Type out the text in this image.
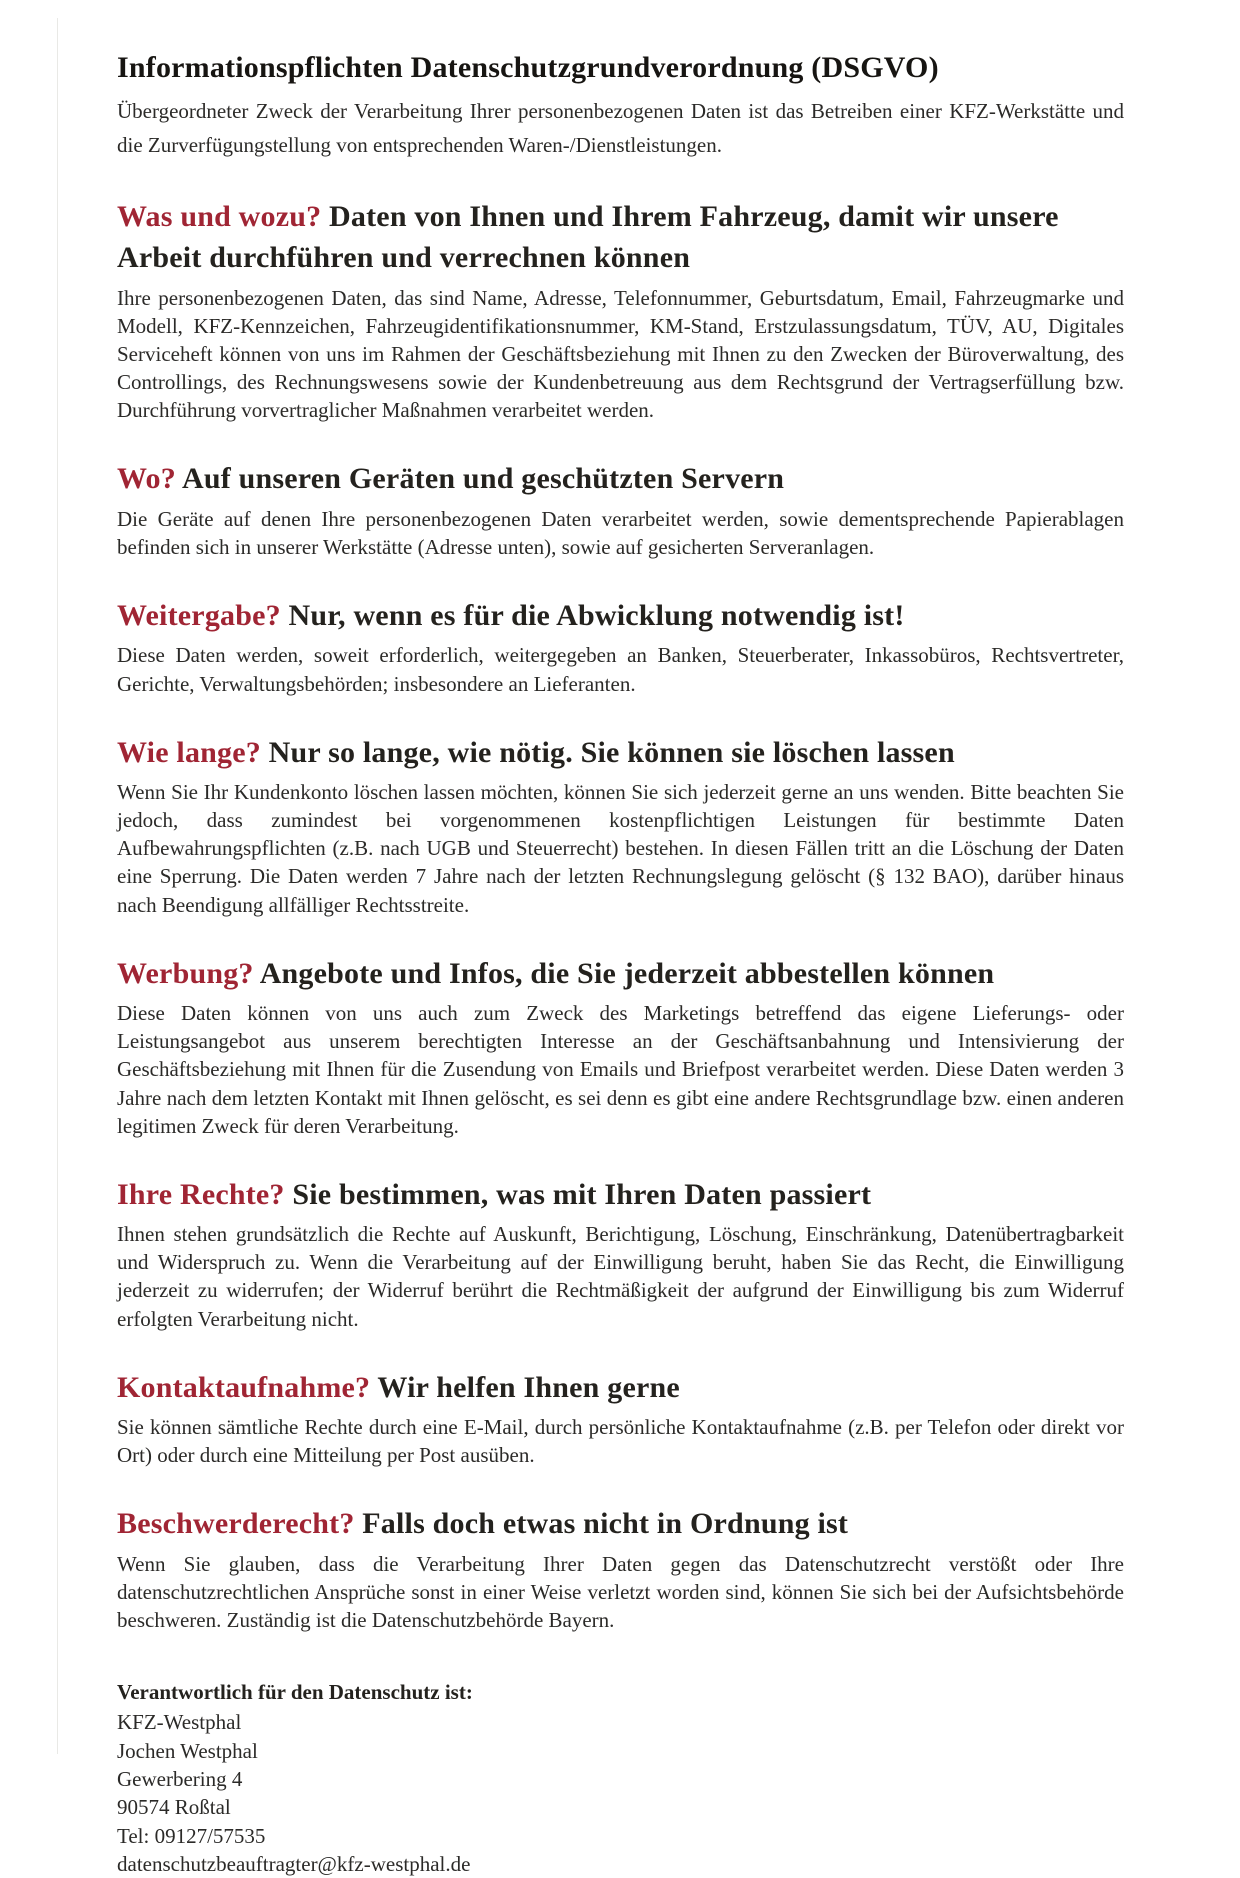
Informationspflichten Datenschutzgrundverordnung (DSGVO)

Übergeordneter Zweck der Verarbeitung Ihrer personenbezogenen Daten ist das Betreiben einer KFZ-Werkstätte und die Zurverfügungstellung von entsprechenden Waren-/Dienstleistungen.

Was und wozu? Daten von Ihnen und Ihrem Fahrzeug, damit wir unsere Arbeit durchführen und verrechnen können

Ihre personenbezogenen Daten, das sind Name, Adresse, Telefonnummer, Geburtsdatum, Email, Fahrzeugmarke und Modell, KFZ-Kennzeichen, Fahrzeugidentifikationsnummer, KM-Stand, Erstzulassungsdatum, TÜV, AU, Digitales Serviceheft können von uns im Rahmen der Geschäftsbeziehung mit Ihnen zu den Zwecken der Büroverwaltung, des Controllings, des Rechnungswesens sowie der Kundenbetreuung aus dem Rechtsgrund der Vertragserfüllung bzw. Durchführung vorvertraglicher Maßnahmen verarbeitet werden.

Wo? Auf unseren Geräten und geschützten Servern

Die Geräte auf denen Ihre personenbezogenen Daten verarbeitet werden, sowie dementsprechende Papierablagen befinden sich in unserer Werkstätte (Adresse unten), sowie auf gesicherten Serveranlagen.

Weitergabe? Nur, wenn es für die Abwicklung notwendig ist!

Diese Daten werden, soweit erforderlich, weitergegeben an Banken, Steuerberater, Inkassobüros, Rechtsvertreter, Gerichte, Verwaltungsbehörden; insbesondere an Lieferanten.

Wie lange? Nur so lange, wie nötig. Sie können sie löschen lassen

Wenn Sie Ihr Kundenkonto löschen lassen möchten, können Sie sich jederzeit gerne an uns wenden. Bitte beachten Sie jedoch, dass zumindest bei vorgenommenen kostenpflichtigen Leistungen für bestimmte Daten Aufbewahrungspflichten (z.B. nach UGB und Steuerrecht) bestehen. In diesen Fällen tritt an die Löschung der Daten eine Sperrung. Die Daten werden 7 Jahre nach der letzten Rechnungslegung gelöscht (§ 132 BAO), darüber hinaus nach Beendigung allfälliger Rechtsstreite.

Werbung? Angebote und Infos, die Sie jederzeit abbestellen können

Diese Daten können von uns auch zum Zweck des Marketings betreffend das eigene Lieferungs- oder Leistungsangebot aus unserem berechtigten Interesse an der Geschäftsanbahnung und Intensivierung der Geschäftsbeziehung mit Ihnen für die Zusendung von Emails und Briefpost verarbeitet werden. Diese Daten werden 3 Jahre nach dem letzten Kontakt mit Ihnen gelöscht, es sei denn es gibt eine andere Rechtsgrundlage bzw. einen anderen legitimen Zweck für deren Verarbeitung.

Ihre Rechte? Sie bestimmen, was mit Ihren Daten passiert

Ihnen stehen grundsätzlich die Rechte auf Auskunft, Berichtigung, Löschung, Einschränkung, Datenübertragbarkeit und Widerspruch zu. Wenn die Verarbeitung auf der Einwilligung beruht, haben Sie das Recht, die Einwilligung jederzeit zu widerrufen; der Widerruf berührt die Rechtmäßigkeit der aufgrund der Einwilligung bis zum Widerruf erfolgten Verarbeitung nicht.

Kontaktaufnahme? Wir helfen Ihnen gerne

Sie können sämtliche Rechte durch eine E-Mail, durch persönliche Kontaktaufnahme (z.B. per Telefon oder direkt vor Ort) oder durch eine Mitteilung per Post ausüben.

Beschwerderecht? Falls doch etwas nicht in Ordnung ist

Wenn Sie glauben, dass die Verarbeitung Ihrer Daten gegen das Datenschutzrecht verstößt oder Ihre datenschutzrechtlichen Ansprüche sonst in einer Weise verletzt worden sind, können Sie sich bei der Aufsichtsbehörde beschweren. Zuständig ist die Datenschutzbehörde Bayern.

Verantwortlich für den Datenschutz ist:

KFZ-Westphal

Jochen Westphal

Gewerbering 4

90574 Roßtal

Tel: 09127/57535

datenschutzbeauftragter@kfz-westphal.de
